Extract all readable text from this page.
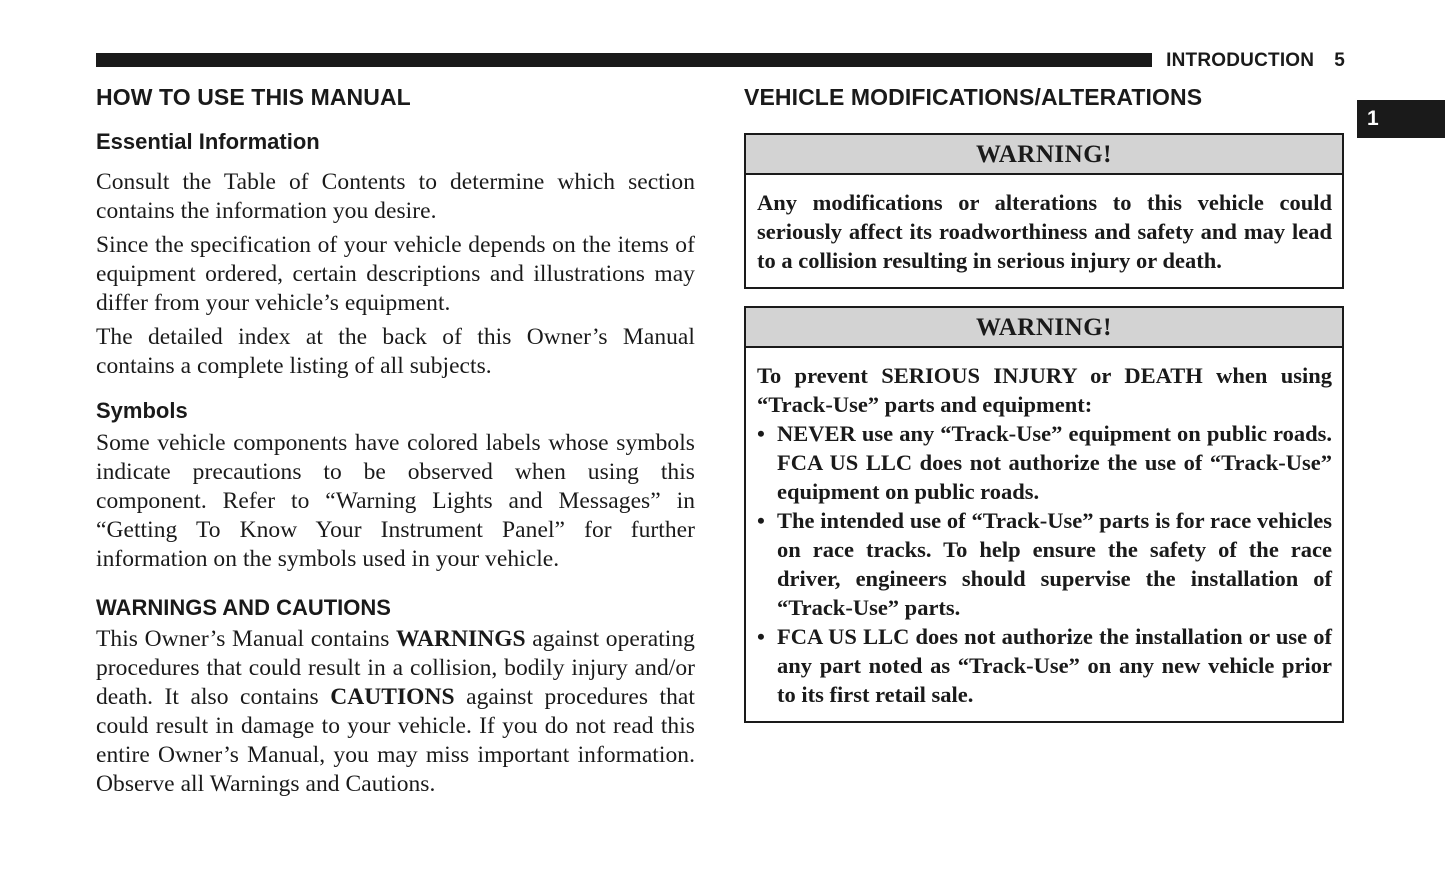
INTRODUCTION 5
1
HOW TO USE THIS MANUAL
Essential Information

Consult the Table of Contents to determine which section contains the information you desire.

Since the specification of your vehicle depends on the items of equipment ordered, certain descriptions and illustrations may differ from your vehicle’s equipment.

The detailed index at the back of this Owner’s Manual contains a complete listing of all subjects.

Symbols

Some vehicle components have colored labels whose symbols indicate precautions to be observed when using this component. Refer to “Warning Lights and Messages” in “Getting To Know Your Instrument Panel” for further information on the symbols used in your vehicle.

WARNINGS AND CAUTIONS

This Owner’s Manual contains WARNINGS against operating procedures that could result in a collision, bodily injury and/or death. It also contains CAUTIONS against procedures that could result in damage to your vehicle. If you do not read this entire Owner’s Manual, you may miss important information. Observe all Warnings and Cautions.

VEHICLE MODIFICATIONS/ALTERATIONS
WARNING!
Any modifications or alterations to this vehicle could seriously affect its roadworthiness and safety and may lead to a collision resulting in serious injury or death.
WARNING!
To prevent SERIOUS INJURY or DEATH when using “Track-Use” parts and equipment:
• NEVER use any “Track-Use” equipment on public roads. FCA US LLC does not authorize the use of “Track-Use” equipment on public roads.
• The intended use of “Track-Use” parts is for race vehicles on race tracks. To help ensure the safety of the race driver, engineers should supervise the installation of “Track-Use” parts.
• FCA US LLC does not authorize the installation or use of any part noted as “Track-Use” on any new vehicle prior to its first retail sale.
